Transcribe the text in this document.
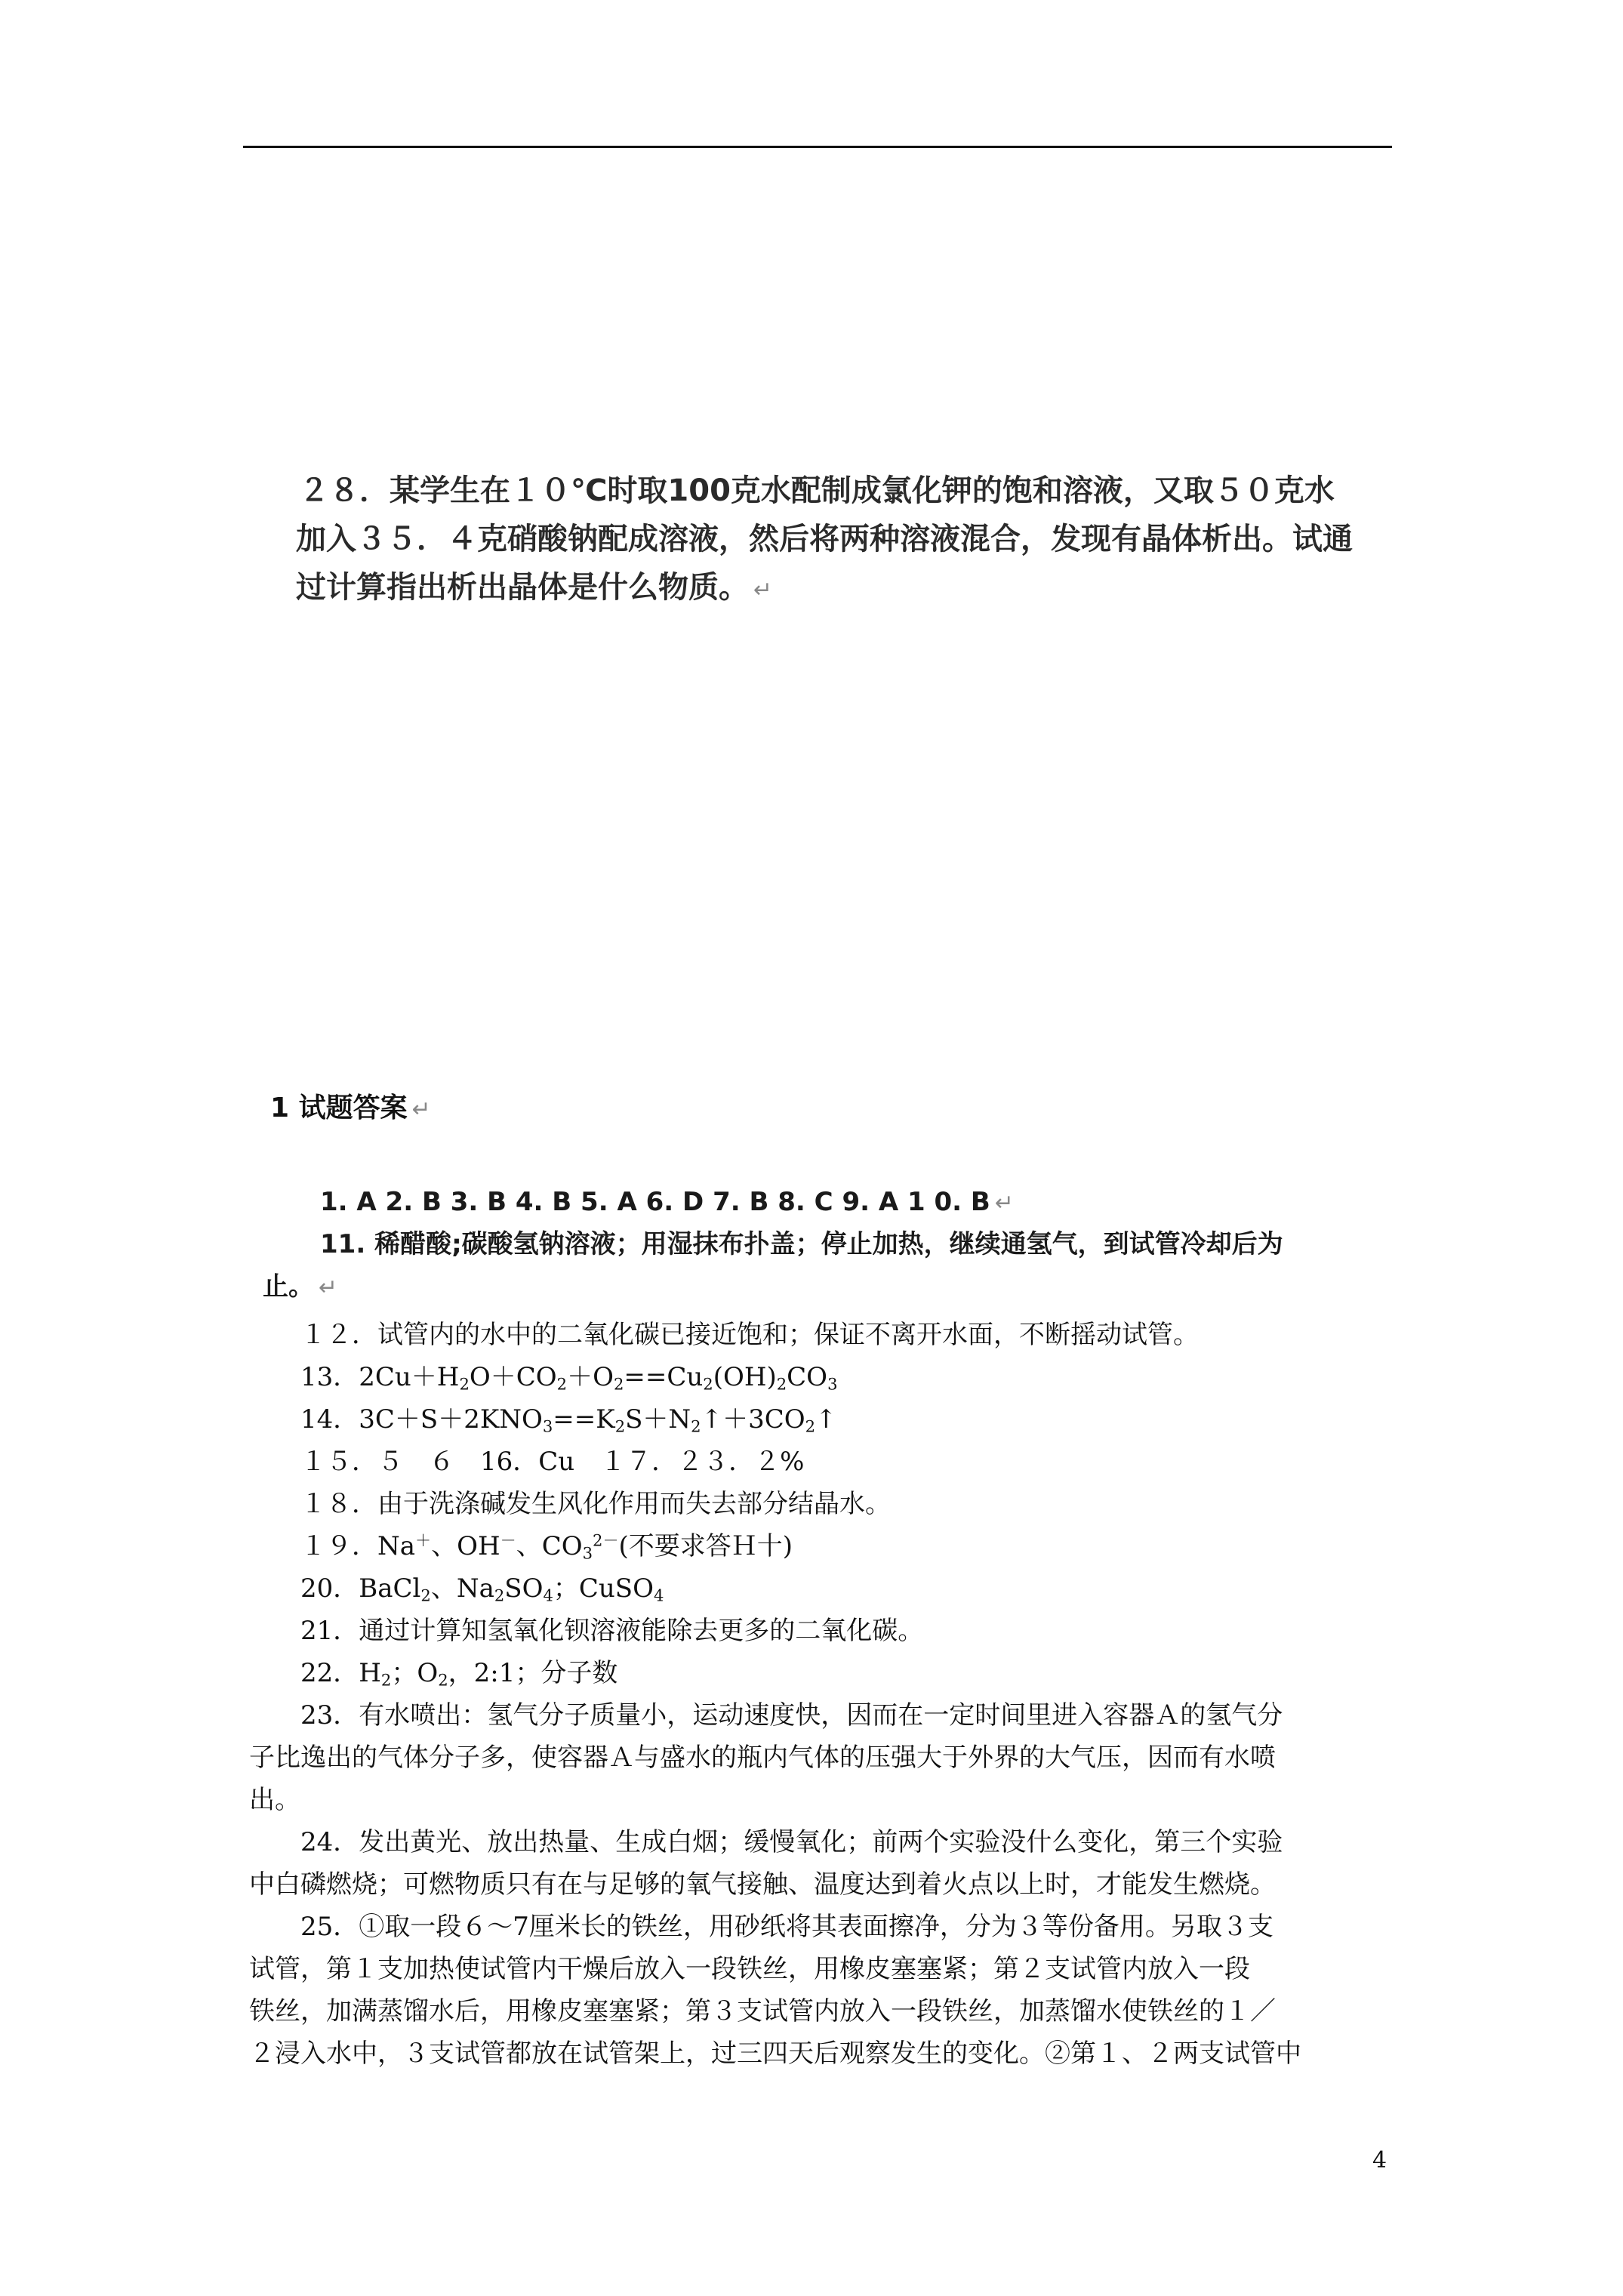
２８．某学生在１０℃时取100克水配制成氯化钾的饱和溶液，又取５０克水
加入３５．４克硝酸钠配成溶液，然后将两种溶液混合，发现有晶体析出。试通
过计算指出析出晶体是什么物质。 ↵
1 试题答案 ↵
1. A 2. B 3. B 4. B 5. A 6. D 7. B 8. C 9. A 1 0. B ↵
11. 稀醋酸;碳酸氢钠溶液；用湿抹布扑盖；停止加热，继续通氢气，到试管冷却后为
止。 ↵
１２．试管内的水中的二氧化碳已接近饱和；保证不离开水面，不断摇动试管。
13．$2Cu+H_2O+CO_2+O_2==Cu_2(OH)_2CO_3$
14．$3C+S+2KNO_3==K_2S+N_2↑+3CO_2↑$
１５．５　６　16．Cu　１７．２３．２%
１８．由于洗涤碱发生风化作用而失去部分结晶水。
１９．Na＋、OH－、$CO_3^{2-}$(不要求答Ｈ十)
20．BaCl$_2$、$Na_2SO_4$；CuSO$_4$
21．通过计算知氢氧化钡溶液能除去更多的二氧化碳。
22．$H_2$；$O_2$，2:1；分子数
23．有水喷出：氢气分子质量小，运动速度快，因而在一定时间里进入容器Ａ的氢气分
子比逸出的气体分子多，使容器Ａ与盛水的瓶内气体的压强大于外界的大气压，因而有水喷
出。
24．发出黄光、放出热量、生成白烟；缓慢氧化；前两个实验没什么变化，第三个实验
中白磷燃烧；可燃物质只有在与足够的氧气接触、温度达到着火点以上时，才能发生燃烧。
25．①取一段６～7厘米长的铁丝，用砂纸将其表面擦净，分为３等份备用。另取３支
试管，第１支加热使试管内干燥后放入一段铁丝，用橡皮塞塞紧；第２支试管内放入一段
铁丝，加满蒸馏水后，用橡皮塞塞紧；第３支试管内放入一段铁丝，加蒸馏水使铁丝的１／
２浸入水中，３支试管都放在试管架上，过三四天后观察发生的变化。②第１、２两支试管中
4
